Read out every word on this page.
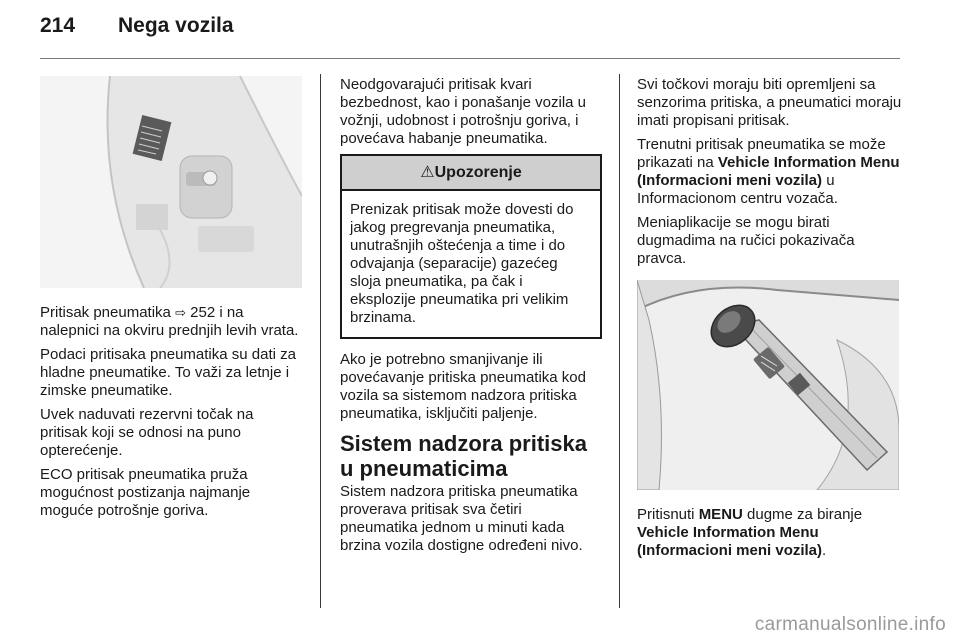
214	Nega vozila

Pritisak pneumatika ⇨ 252 i na nalepnici na okviru prednjih levih vrata.

Podaci pritisaka pneumatika su dati za hladne pneumatike. To važi za letnje i zimske pneumatike.

Uvek naduvati rezervni točak na pritisak koji se odnosi na puno opterećenje.

ECO pritisak pneumatika pruža mogućnost postizanja najmanje moguće potrošnje goriva.

Neodgovarajući pritisak kvari bezbednost, kao i ponašanje vozila u vožnji, udobnost i potrošnju goriva, i povećava habanje pneumatika.

⚠Upozorenje
Prenizak pritisak može dovesti do jakog pregrevanja pneumatika, unutrašnjih oštećenja a time i do odvajanja (separacije) gazećeg sloja pneumatika, pa čak i eksplozije pneumatika pri velikim brzinama.

Ako je potrebno smanjivanje ili povećavanje pritiska pneumatika kod vozila sa sistemom nadzora pritiska pneumatika, isključiti paljenje.

Sistem nadzora pritiska u pneumaticima

Sistem nadzora pritiska pneumatika proverava pritisak sva četiri pneumatika jednom u minuti kada brzina vozila dostigne određeni nivo.

Svi točkovi moraju biti opremljeni sa senzorima pritiska, a pneumatici moraju imati propisani pritisak.

Trenutni pritisak pneumatika se može prikazati na Vehicle Information Menu (Informacioni meni vozila) u Informacionom centru vozača.

Meniaplikacije se mogu birati dugmadima na ručici pokazivača pravca.

Pritisnuti MENU dugme za biranje Vehicle Information Menu (Informacioni meni vozila).

carmanualsonline.info
